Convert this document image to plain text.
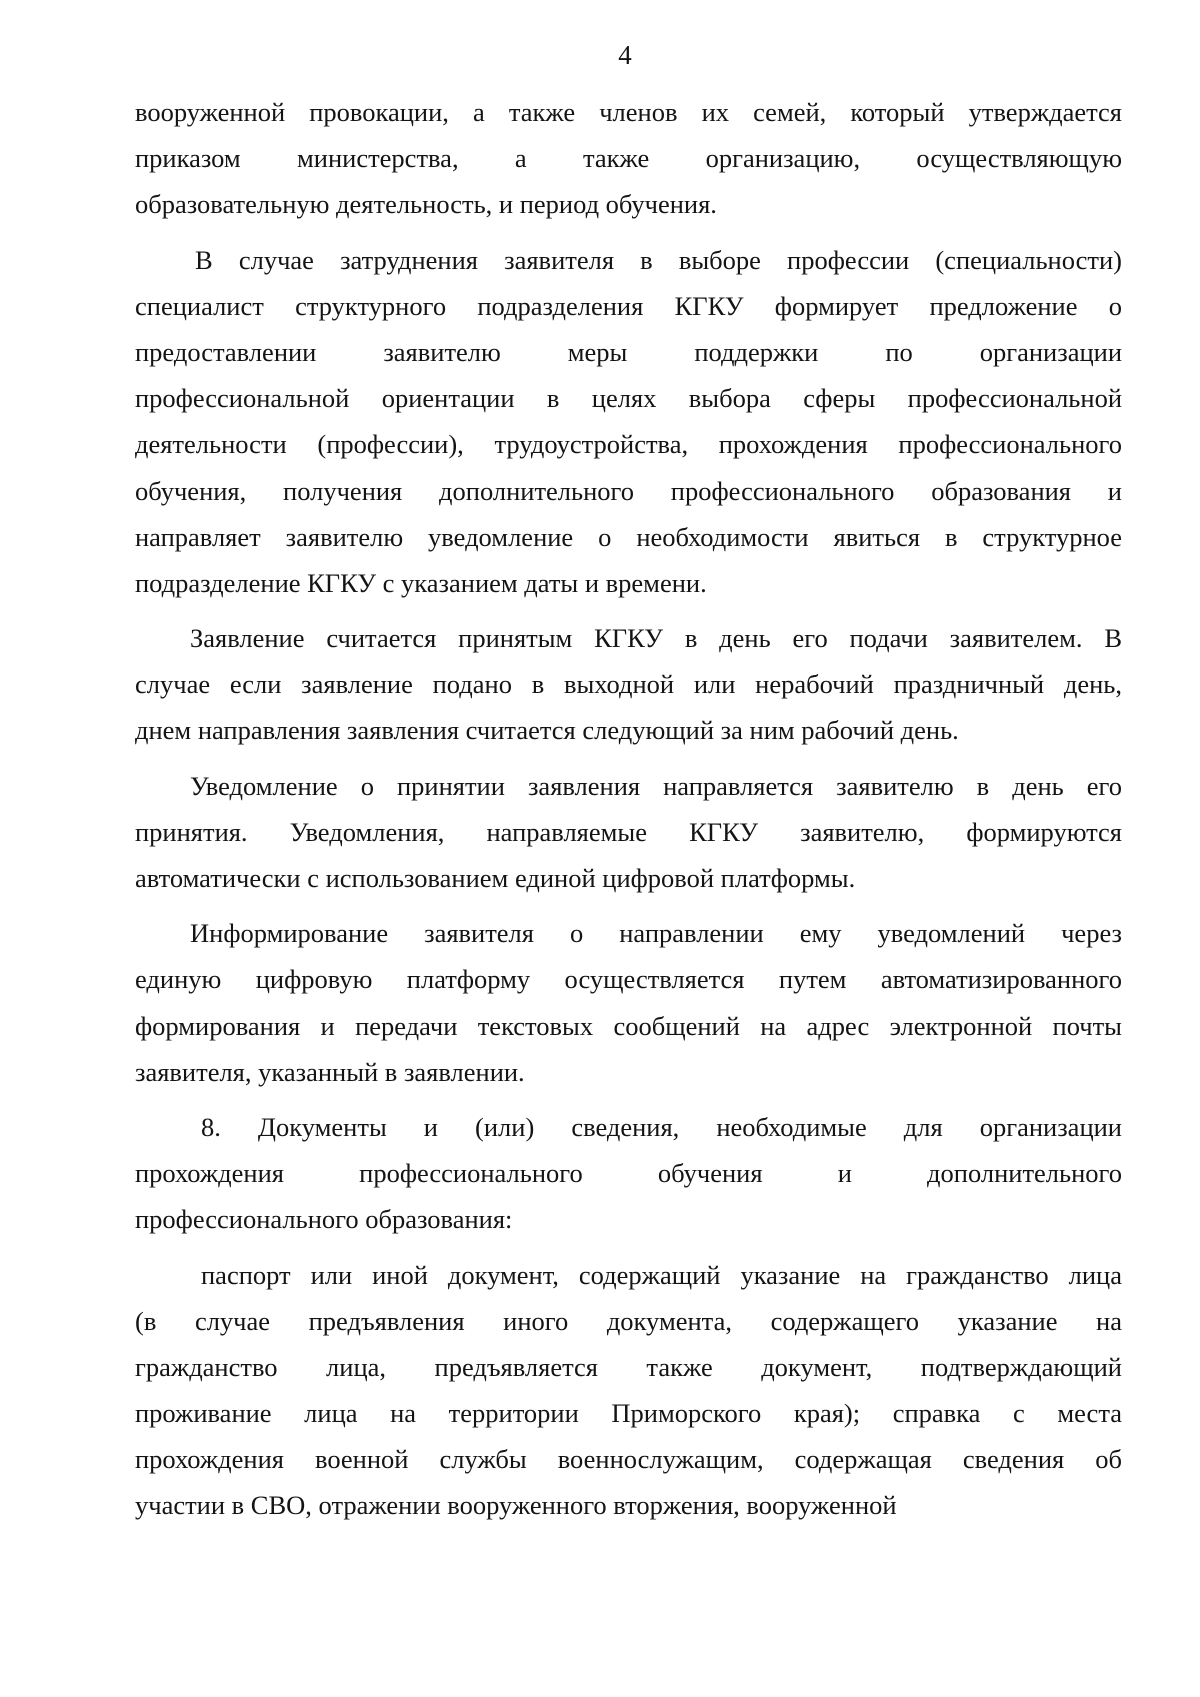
4
вооруженной провокации, а также членов их семей, который утверждается
приказом министерства, а также организацию, осуществляющую
образовательную деятельность, и период обучения.
В случае затруднения заявителя в выборе профессии (специальности)
специалист структурного подразделения КГКУ формирует предложение о
предоставлении заявителю меры поддержки по организации
профессиональной ориентации в целях выбора сферы профессиональной
деятельности (профессии), трудоустройства, прохождения профессионального
обучения, получения дополнительного профессионального образования и
направляет заявителю уведомление о необходимости явиться в структурное
подразделение КГКУ с указанием даты и времени.
Заявление считается принятым КГКУ в день его подачи заявителем. В
случае если заявление подано в выходной или нерабочий праздничный день,
днем направления заявления считается следующий за ним рабочий день.
Уведомление о принятии заявления направляется заявителю в день его
принятия. Уведомления, направляемые КГКУ заявителю, формируются
автоматически с использованием единой цифровой платформы.
Информирование заявителя о направлении ему уведомлений через
единую цифровую платформу осуществляется путем автоматизированного
формирования и передачи текстовых сообщений на адрес электронной почты
заявителя, указанный в заявлении.
8. Документы и (или) сведения, необходимые для организации
прохождения профессионального обучения и дополнительного
профессионального образования:
паспорт или иной документ, содержащий указание на гражданство лица
(в случае предъявления иного документа, содержащего указание на
гражданство лица, предъявляется также документ, подтверждающий
проживание лица на территории Приморского края); справка с места
прохождения военной службы военнослужащим, содержащая сведения об
участии в СВО, отражении вооруженного вторжения, вооруженной
